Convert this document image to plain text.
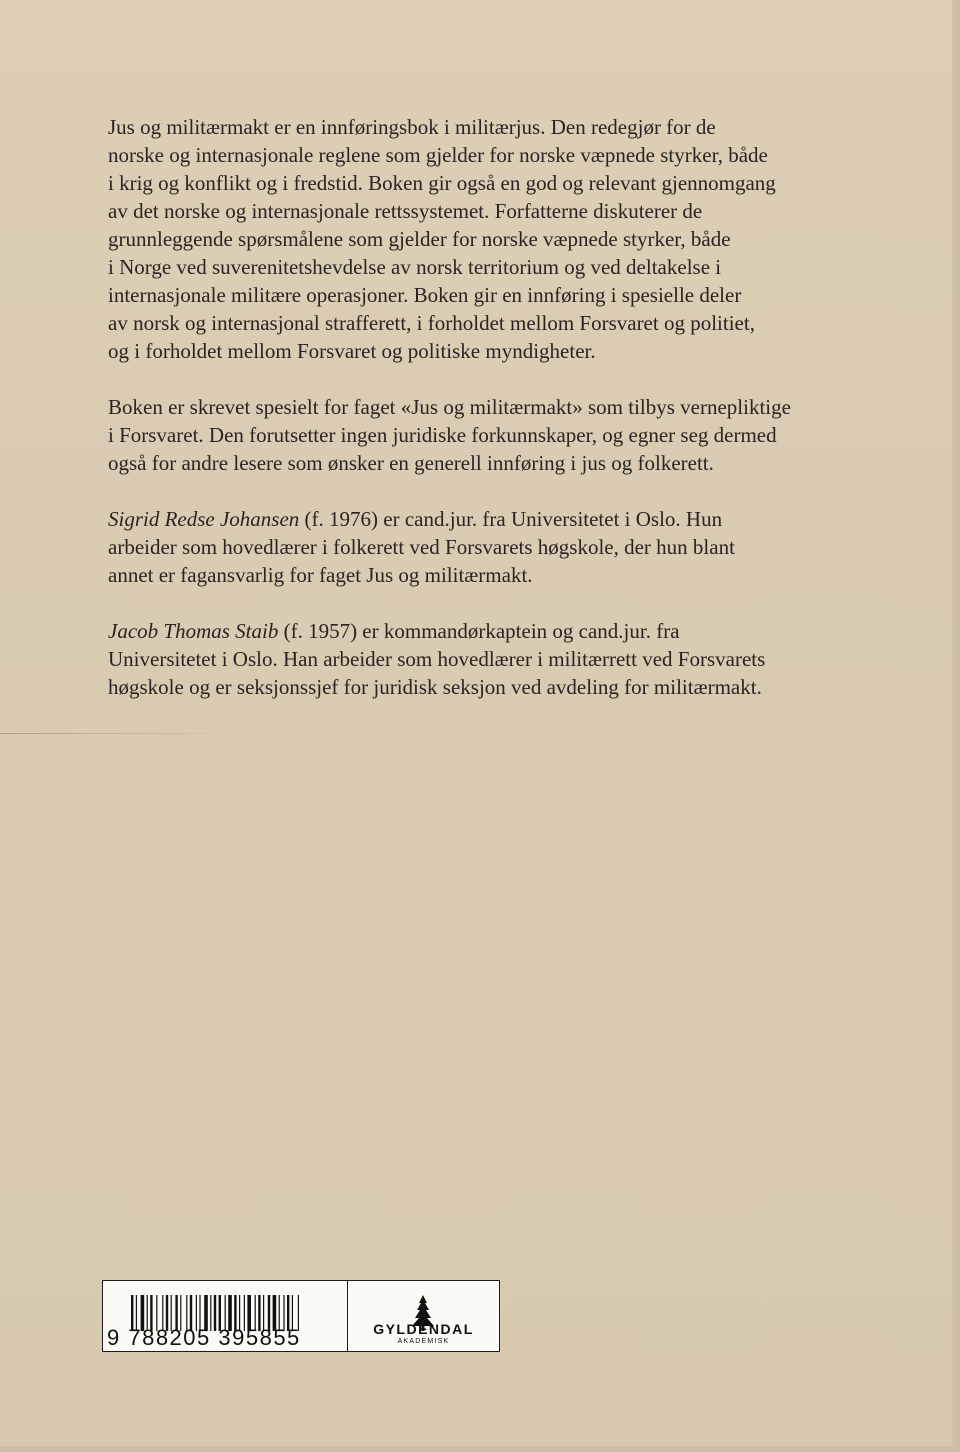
Jus og militærmakt er en innføringsbok i militærjus. Den redegjør for de
norske og internasjonale reglene som gjelder for norske væpnede styrker, både
i krig og konflikt og i fredstid. Boken gir også en god og relevant gjennomgang
av det norske og internasjonale rettssystemet. Forfatterne diskuterer de
grunnleggende spørsmålene som gjelder for norske væpnede styrker, både
i Norge ved suverenitetshevdelse av norsk territorium og ved deltakelse i
internasjonale militære operasjoner. Boken gir en innføring i spesielle deler
av norsk og internasjonal strafferett, i forholdet mellom Forsvaret og politiet,
og i forholdet mellom Forsvaret og politiske myndigheter.

Boken er skrevet spesielt for faget «Jus og militærmakt» som tilbys vernepliktige
i Forsvaret. Den forutsetter ingen juridiske forkunnskaper, og egner seg dermed
også for andre lesere som ønsker en generell innføring i jus og folkerett.

Sigrid Redse Johansen (f. 1976) er cand.jur. fra Universitetet i Oslo. Hun
arbeider som hovedlærer i folkerett ved Forsvarets høgskole, der hun blant
annet er fagansvarlig for faget Jus og militærmakt.

Jacob Thomas Staib (f. 1957) er kommandørkaptein og cand.jur. fra
Universitetet i Oslo. Han arbeider som hovedlærer i militærrett ved Forsvarets
høgskole og er seksjonssjef for juridisk seksjon ved avdeling for militærmakt.

9 788205 395855	GYLDENDAL
AKADEMISK
